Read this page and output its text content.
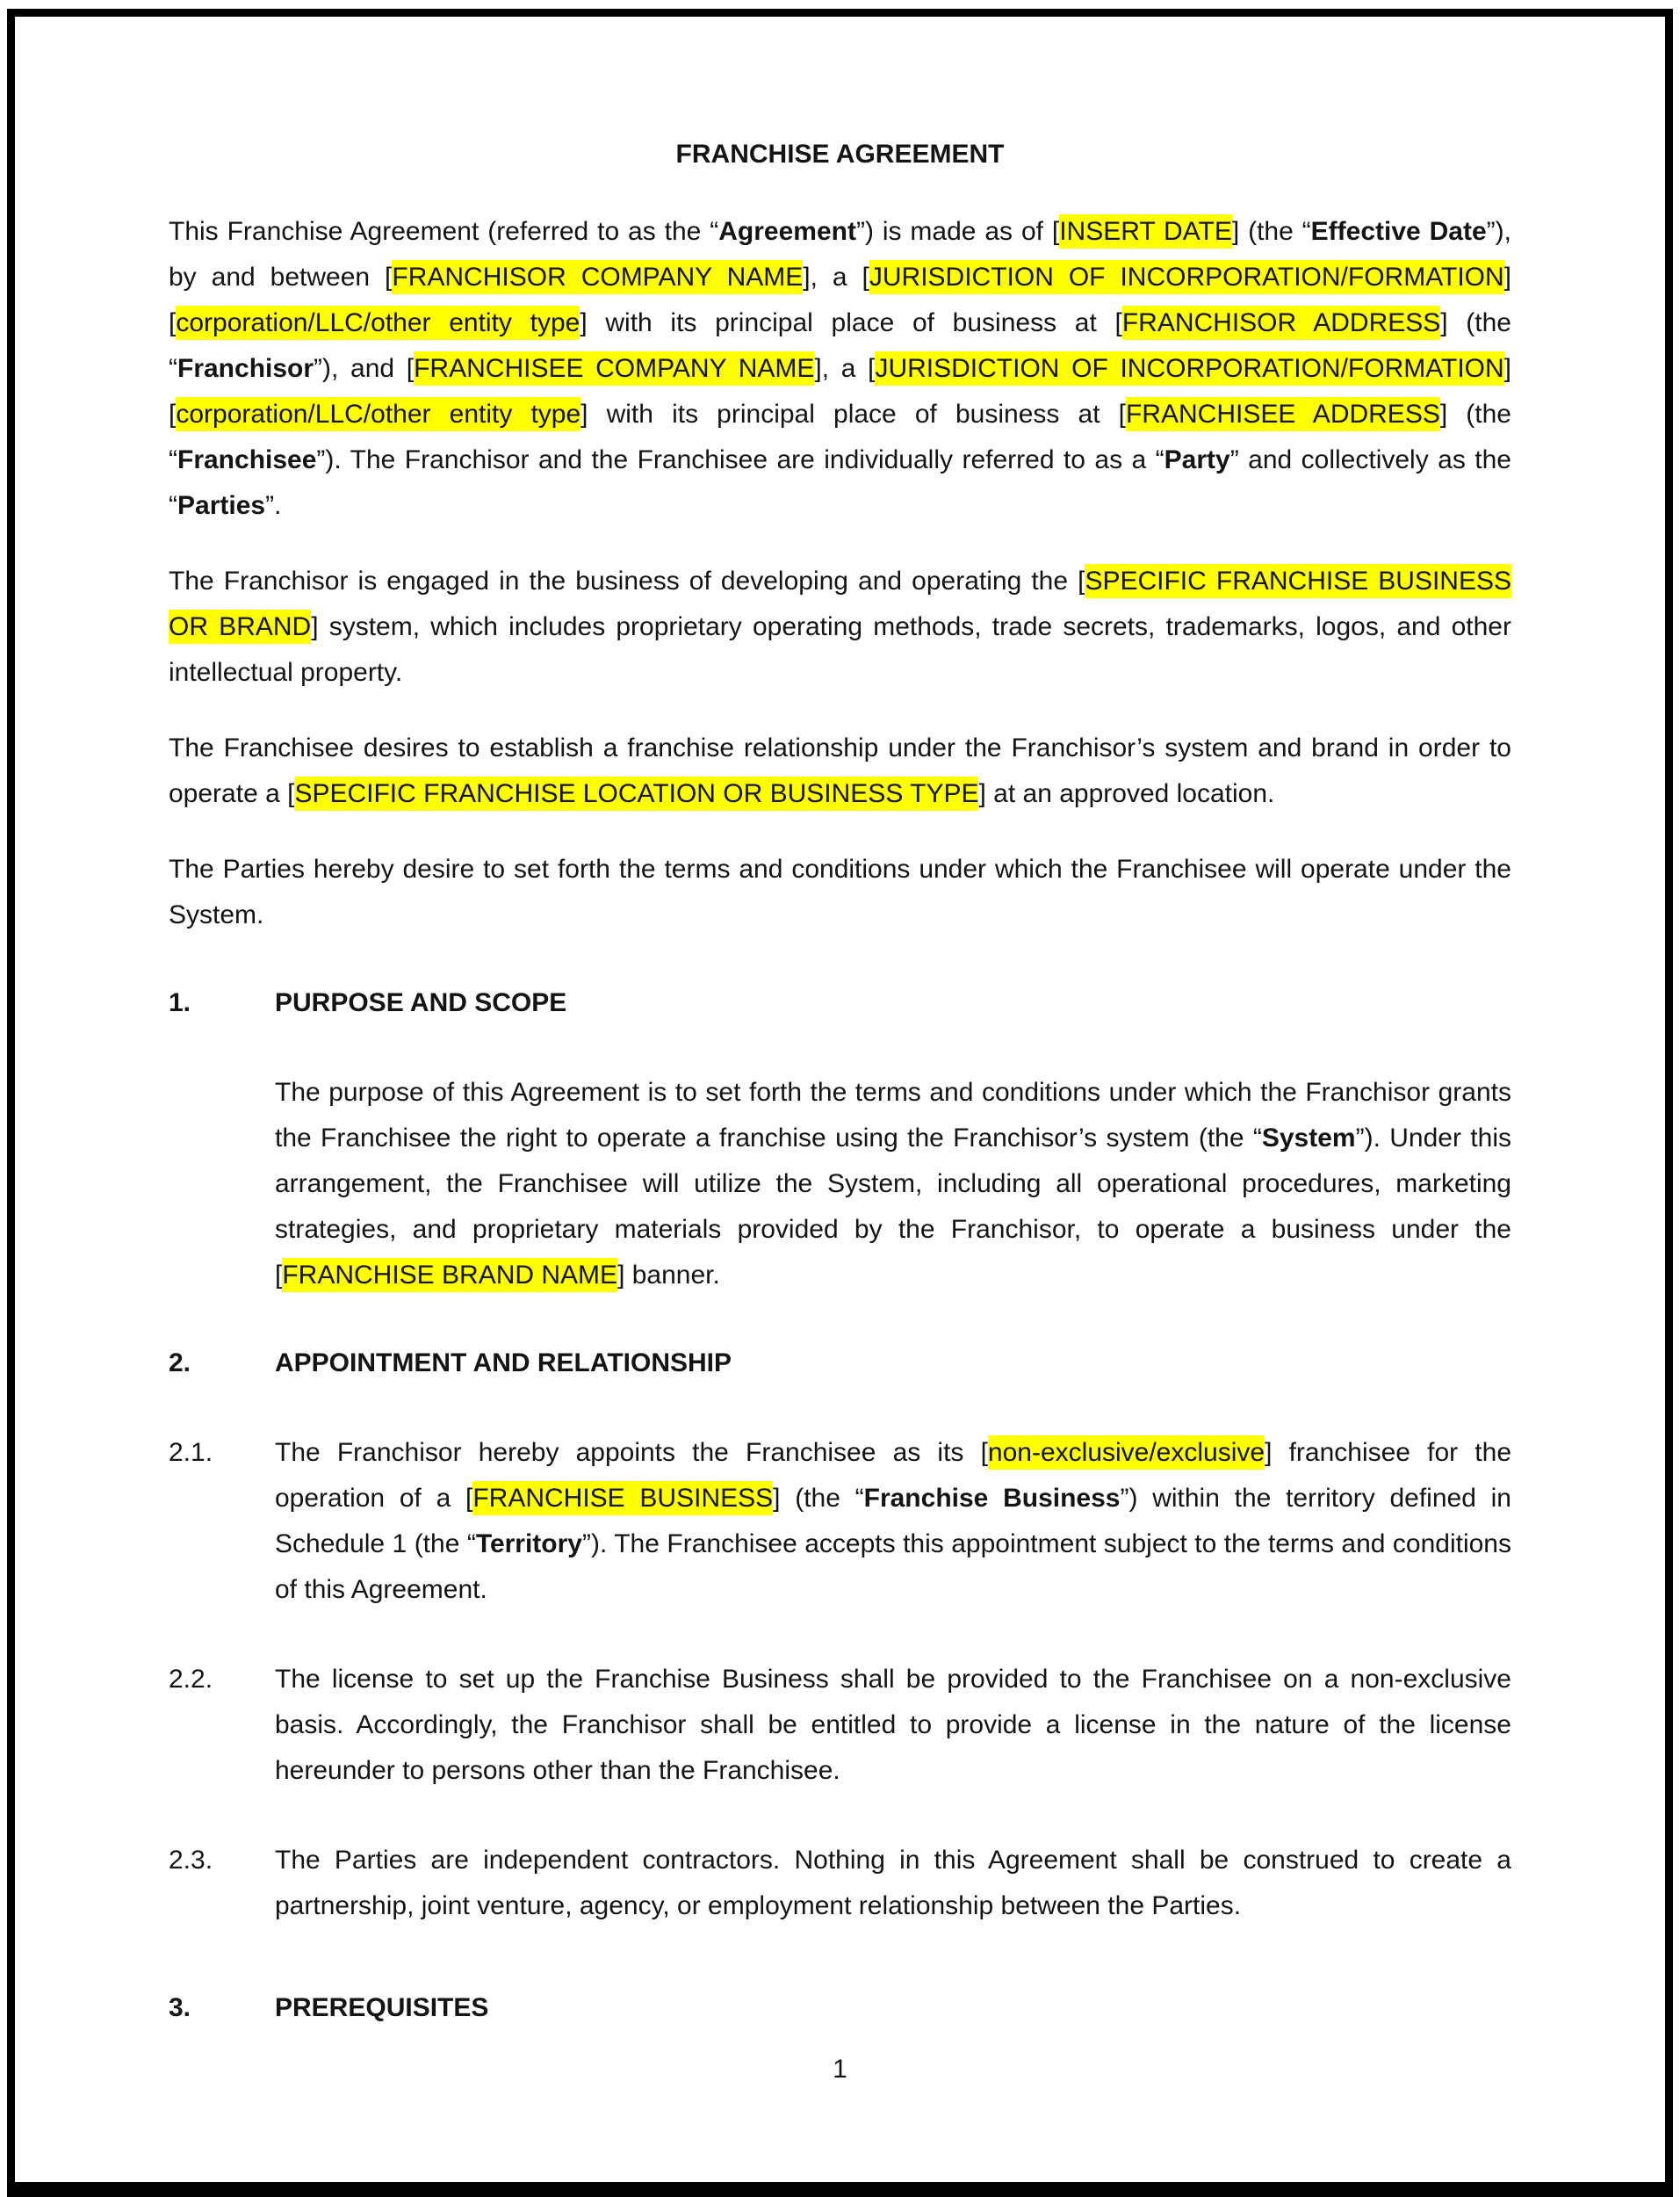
FRANCHISE AGREEMENT

This Franchise Agreement (referred to as the “Agreement”) is made as of [INSERT DATE] (the “Effective Date”), by and between [FRANCHISOR COMPANY NAME], a [JURISDICTION OF INCORPORATION/FORMATION] [corporation/LLC/other entity type] with its principal place of business at [FRANCHISOR ADDRESS] (the “Franchisor”), and [FRANCHISEE COMPANY NAME], a [JURISDICTION OF INCORPORATION/FORMATION] [corporation/LLC/other entity type] with its principal place of business at [FRANCHISEE ADDRESS] (the “Franchisee”). The Franchisor and the Franchisee are individually referred to as a “Party” and collectively as the “Parties”.

The Franchisor is engaged in the business of developing and operating the [SPECIFIC FRANCHISE BUSINESS OR BRAND] system, which includes proprietary operating methods, trade secrets, trademarks, logos, and other intellectual property.

The Franchisee desires to establish a franchise relationship under the Franchisor’s system and brand in order to operate a [SPECIFIC FRANCHISE LOCATION OR BUSINESS TYPE] at an approved location.

The Parties hereby desire to set forth the terms and conditions under which the Franchisee will operate under the System.

1.	PURPOSE AND SCOPE

The purpose of this Agreement is to set forth the terms and conditions under which the Franchisor grants the Franchisee the right to operate a franchise using the Franchisor’s system (the “System”). Under this arrangement, the Franchisee will utilize the System, including all operational procedures, marketing strategies, and proprietary materials provided by the Franchisor, to operate a business under the [FRANCHISE BRAND NAME] banner.

2.	APPOINTMENT AND RELATIONSHIP
2.1.	The Franchisor hereby appoints the Franchisee as its [non-exclusive/exclusive] franchisee for the operation of a [FRANCHISE BUSINESS] (the “Franchise Business”) within the territory defined in Schedule 1 (the “Territory”). The Franchisee accepts this appointment subject to the terms and conditions of this Agreement.
2.2.	The license to set up the Franchise Business shall be provided to the Franchisee on a non-exclusive basis. Accordingly, the Franchisor shall be entitled to provide a license in the nature of the license hereunder to persons other than the Franchisee.
2.3.	The Parties are independent contractors. Nothing in this Agreement shall be construed to create a partnership, joint venture, agency, or employment relationship between the Parties.
3.	PREREQUISITES
1
